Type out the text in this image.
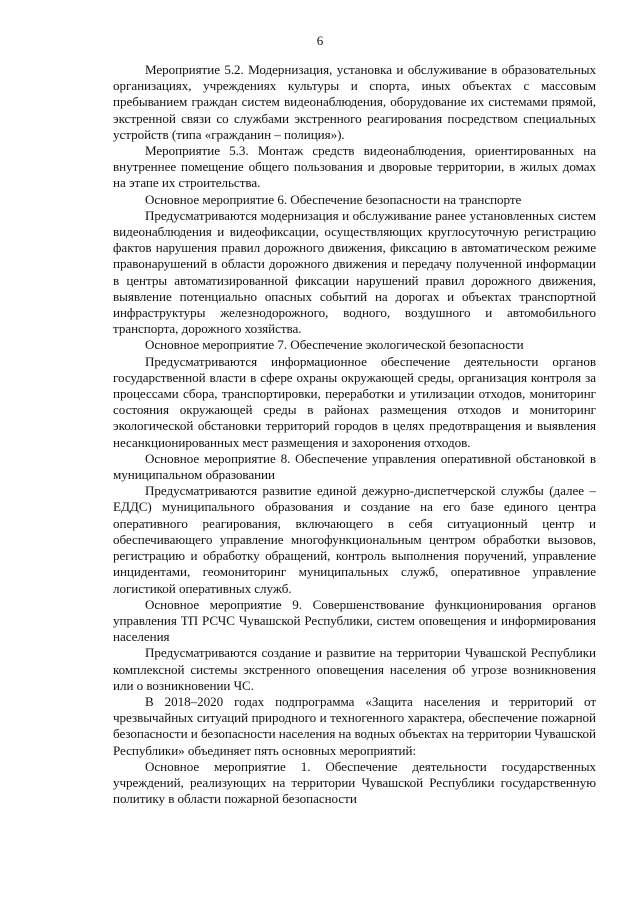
6

Мероприятие 5.2. Модернизация, установка и обслуживание в образовательных организациях, учреждениях культуры и спорта, иных объектах с массовым пребыванием граждан систем видеонаблюдения, оборудование их системами прямой, экстренной связи со службами экстренного реагирования посредством специальных устройств (типа «гражданин – полиция»).

Мероприятие 5.3. Монтаж средств видеонаблюдения, ориентированных на внутреннее помещение общего пользования и дворовые территории, в жилых домах на этапе их строительства.

Основное мероприятие 6. Обеспечение безопасности на транспорте

Предусматриваются модернизация и обслуживание ранее установленных систем видеонаблюдения и видеофиксации, осуществляющих круглосуточную регистрацию фактов нарушения правил дорожного движения, фиксацию в автоматическом режиме правонарушений в области дорожного движения и передачу полученной информации в центры автоматизированной фиксации нарушений правил дорожного движения, выявление потенциально опасных событий на дорогах и объектах транспортной инфраструктуры железнодорожного, водного, воздушного и автомобильного транспорта, дорожного хозяйства.

Основное мероприятие 7. Обеспечение экологической безопасности

Предусматриваются информационное обеспечение деятельности органов государственной власти в сфере охраны окружающей среды, организация контроля за процессами сбора, транспортировки, переработки и утилизации отходов, мониторинг состояния окружающей среды в районах размещения отходов и мониторинг экологической обстановки территорий городов в целях предотвращения и выявления несанкционированных мест размещения и захоронения отходов.

Основное мероприятие 8. Обеспечение управления оперативной обстановкой в муниципальном образовании

Предусматриваются развитие единой дежурно-диспетчерской службы (далее – ЕДДС) муниципального образования и создание на его базе единого центра оперативного реагирования, включающего в себя ситуационный центр и обеспечивающего управление многофункциональным центром обработки вызовов, регистрацию и обработку обращений, контроль выполнения поручений, управление инцидентами, геомониторинг муниципальных служб, оперативное управление логистикой оперативных служб.

Основное мероприятие 9. Совершенствование функционирования органов управления ТП РСЧС Чувашской Республики, систем оповещения и информирования населения

Предусматриваются создание и развитие на территории Чувашской Республики комплексной системы экстренного оповещения населения об угрозе возникновения или о возникновении ЧС.

В 2018–2020 годах подпрограмма «Защита населения и территорий от чрезвычайных ситуаций природного и техногенного характера, обеспечение пожарной безопасности и безопасности населения на водных объектах на территории Чувашской Республики» объединяет пять основных мероприятий:

Основное мероприятие 1. Обеспечение деятельности государственных учреждений, реализующих на территории Чувашской Республики государственную политику в области пожарной безопасности
